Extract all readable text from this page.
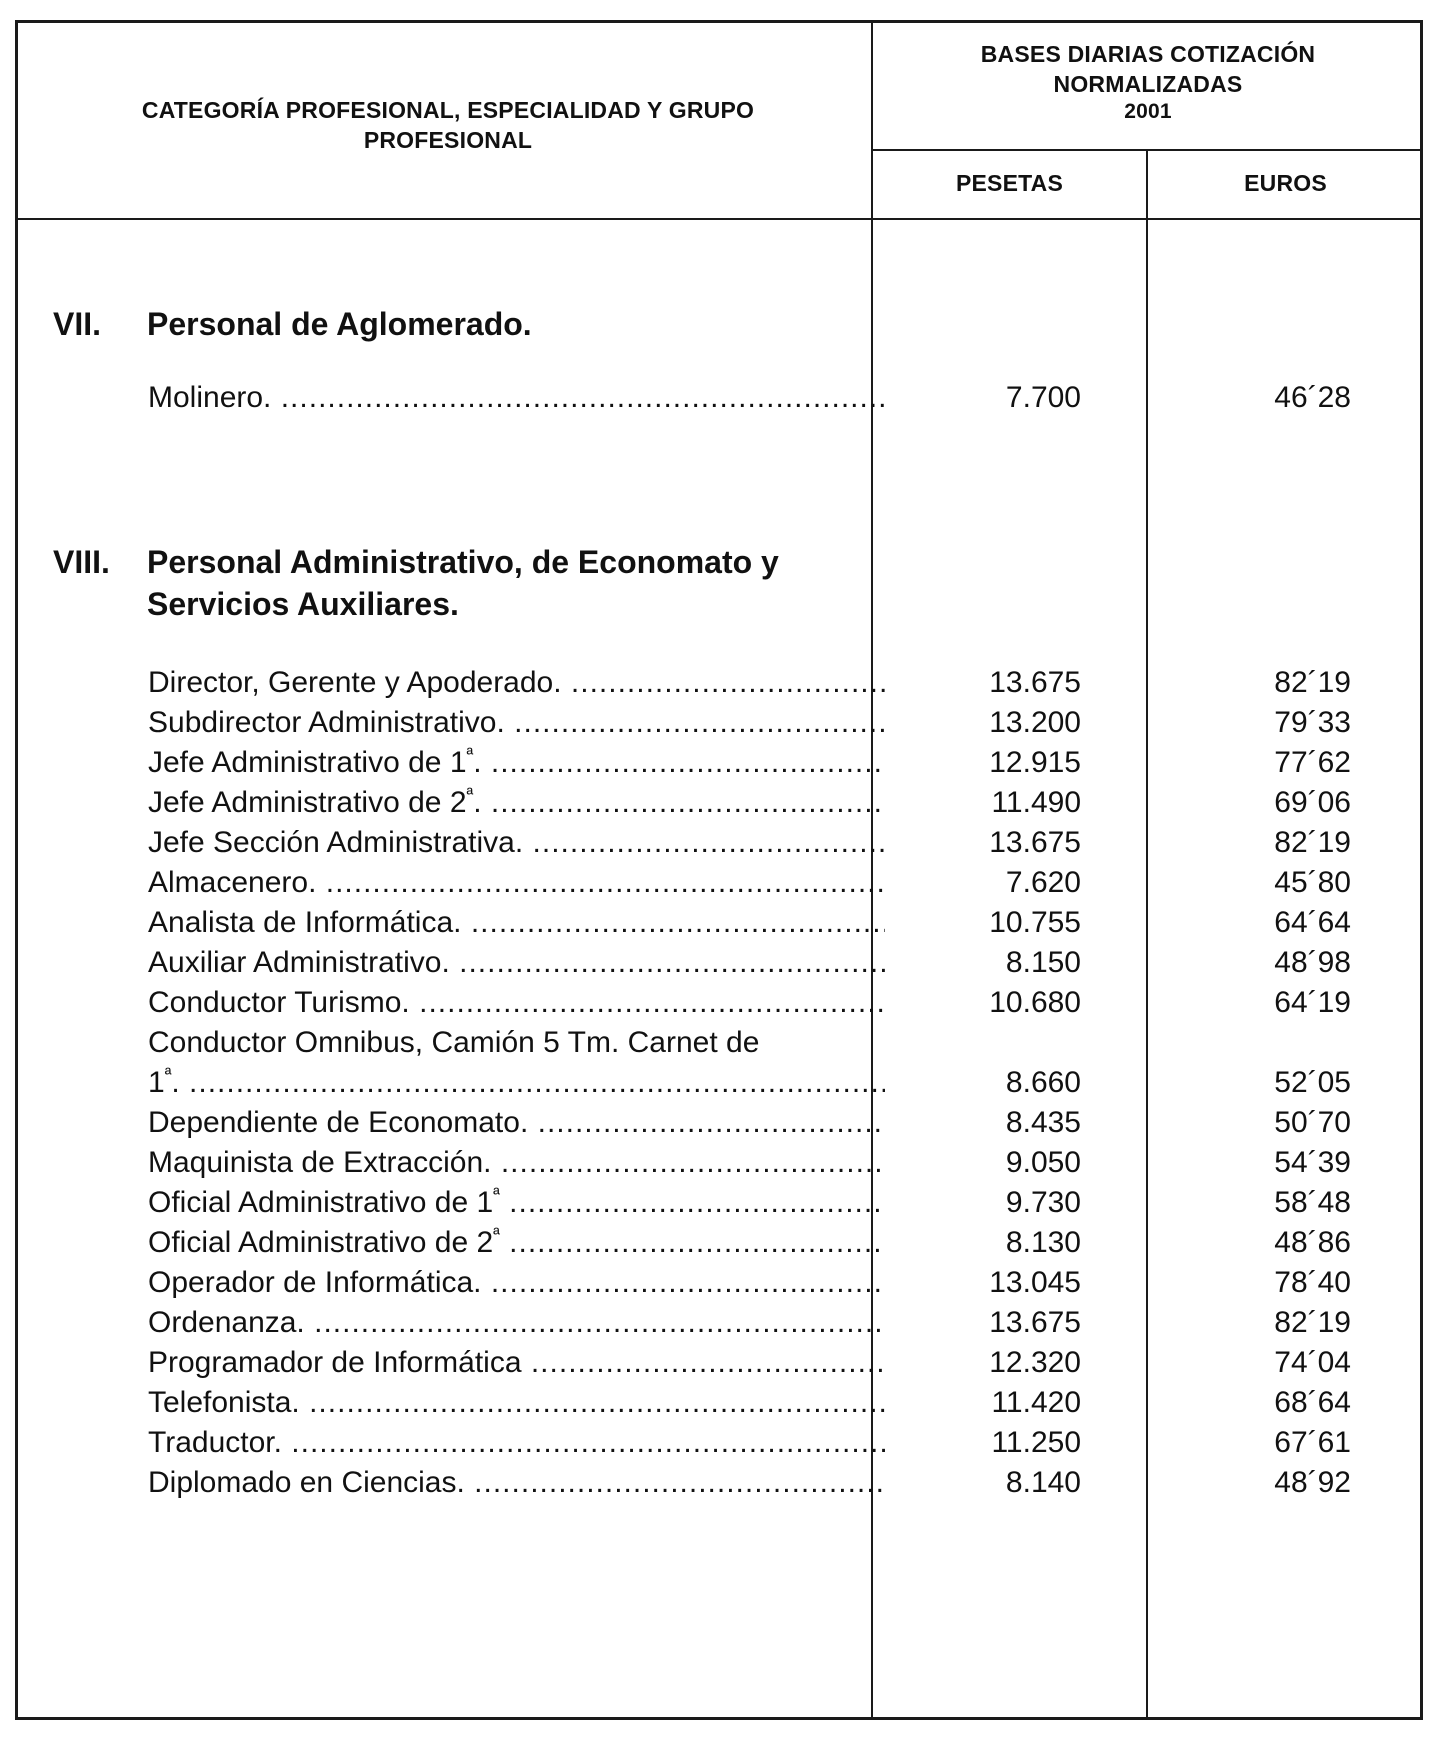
CATEGORÍA PROFESIONAL, ESPECIALIDAD Y GRUPO PROFESIONAL
BASES DIARIAS COTIZACIÓN
NORMALIZADAS
2001
PESETAS	EUROS
VII. Personal de Aglomerado.
Molinero. .....	7.700	46´28
VIII. Personal Administrativo, de Economato y Servicios Auxiliares.
Director, Gerente y Apoderado. .....	13.675	82´19
Subdirector Administrativo. .....	13.200	79´33
Jefe Administrativo de $1^ª$. .....	12.915	77´62
Jefe Administrativo de $2^ª$. .....	11.490	69´06
Jefe Sección Administrativa. .....	13.675	82´19
Almacenero. .....	7.620	45´80
Analista de Informática. .....	10.755	64´64
Auxiliar Administrativo. .....	8.150	48´98
Conductor Turismo. .....	10.680	64´19
Conductor Omnibus, Camión 5 Tm. Carnet de
$1^ª$. .....	8.660	52´05
Dependiente de Economato. .....	8.435	50´70
Maquinista de Extracción. .....	9.050	54´39
Oficial Administrativo de $1^ª$ .....	9.730	58´48
Oficial Administrativo de $2^ª$ .....	8.130	48´86
Operador de Informática. .....	13.045	78´40
Ordenanza. .....	13.675	82´19
Programador de Informática .....	12.320	74´04
Telefonista. .....	11.420	68´64
Traductor. .....	11.250	67´61
Diplomado en Ciencias. .....	8.140	48´92
